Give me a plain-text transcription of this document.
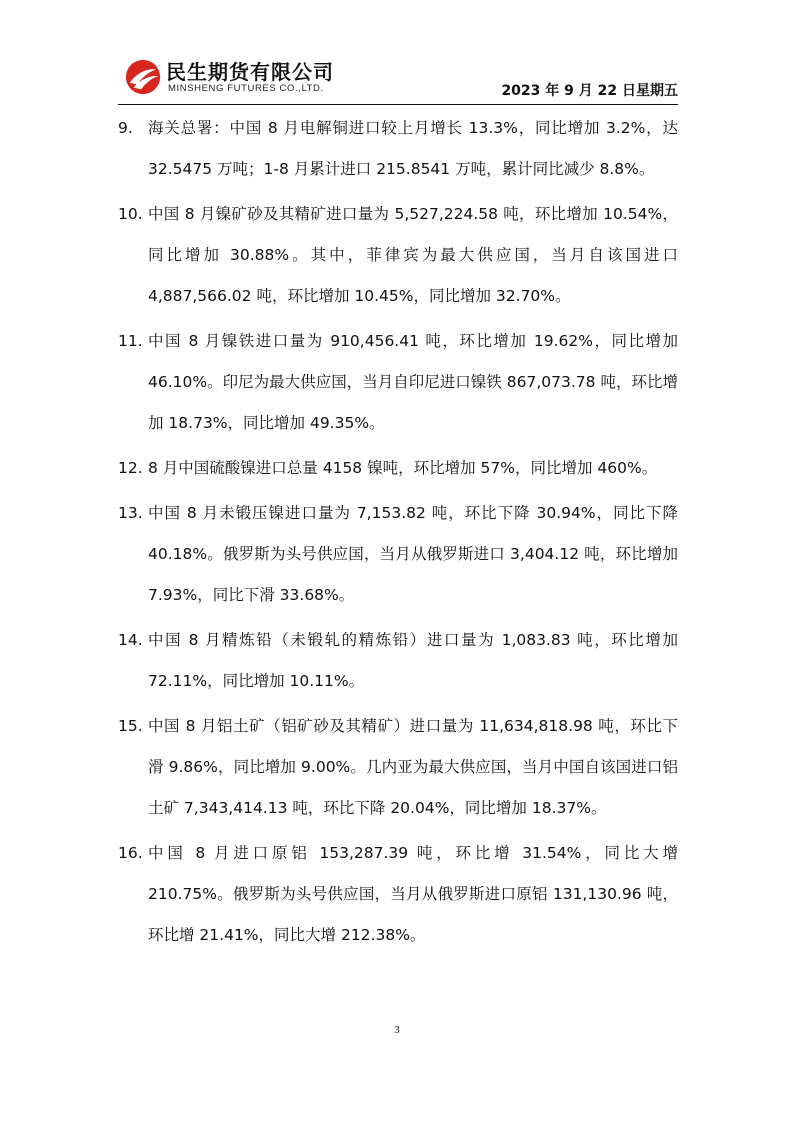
民生期货有限公司
MINSHENG FUTURES CO.,LTD.	2023 年 9 月 22 日星期五
9. 海关总署：中国 8 月电解铜进口较上月增长 13.3%，同比增加 3.2%，达 32.5475 万吨；1-8 月累计进口 215.8541 万吨，累计同比减少 8.8%。
10. 中国 8 月镍矿砂及其精矿进口量为 5,527,224.58 吨，环比增加 10.54%，同比增加 30.88%。其中，菲律宾为最大供应国，当月自该国进口 4,887,566.02 吨，环比增加 10.45%，同比增加 32.70%。
11. 中国 8 月镍铁进口量为 910,456.41 吨，环比增加 19.62%，同比增加 46.10%。印尼为最大供应国，当月自印尼进口镍铁 867,073.78 吨，环比增加 18.73%，同比增加 49.35%。
12. 8 月中国硫酸镍进口总量 4158 镍吨，环比增加 57%，同比增加 460%。
13. 中国 8 月未锻压镍进口量为 7,153.82 吨，环比下降 30.94%，同比下降 40.18%。俄罗斯为头号供应国，当月从俄罗斯进口 3,404.12 吨，环比增加 7.93%，同比下滑 33.68%。
14. 中国 8 月精炼铅（未锻轧的精炼铅）进口量为 1,083.83 吨，环比增加 72.11%，同比增加 10.11%。
15. 中国 8 月铝土矿（铝矿砂及其精矿）进口量为 11,634,818.98 吨，环比下滑 9.86%，同比增加 9.00%。几内亚为最大供应国，当月中国自该国进口铝土矿 7,343,414.13 吨，环比下降 20.04%，同比增加 18.37%。
16. 中国 8 月进口原铝 153,287.39 吨，环比增 31.54%，同比大增 210.75%。俄罗斯为头号供应国，当月从俄罗斯进口原铝 131,130.96 吨，环比增 21.41%，同比大增 212.38%。
3
